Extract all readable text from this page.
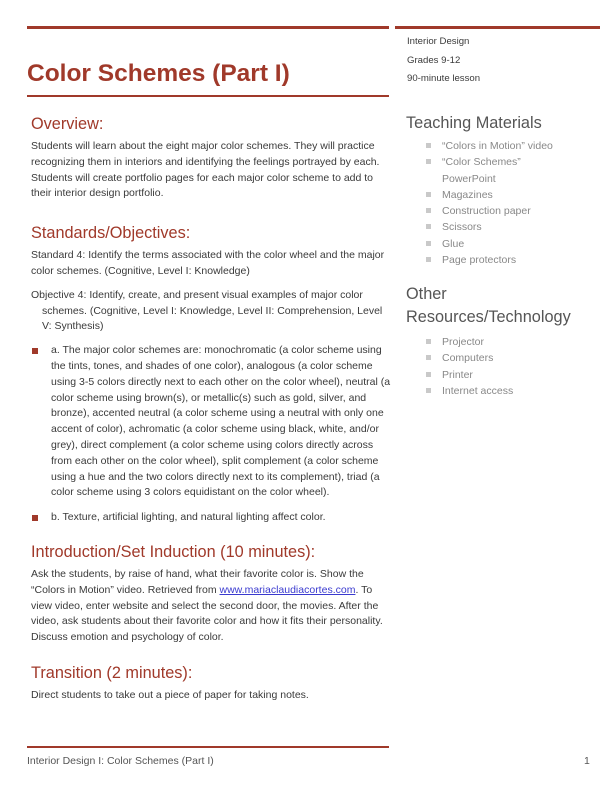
Color Schemes (Part I)
Interior Design
Grades 9-12
90-minute lesson
Overview:

Students will learn about the eight major color schemes. They will practice recognizing them in interiors and identifying the feelings portrayed by each. Students will create portfolio pages for each major color scheme to add to their interior design portfolio.

Standards/Objectives:

Standard 4: Identify the terms associated with the color wheel and the major color schemes. (Cognitive, Level I: Knowledge)

Objective 4: Identify, create, and present visual examples of major color schemes. (Cognitive, Level I: Knowledge, Level II: Comprehension, Level V: Synthesis)

a. The major color schemes are: monochromatic (a color scheme using the tints, tones, and shades of one color), analogous (a color scheme using 3-5 colors directly next to each other on the color wheel), neutral (a color scheme using brown(s), or metallic(s) such as gold, silver, and bronze), accented neutral (a color scheme using a neutral with only one accent of color), achromatic (a color scheme using black, white, and/or grey), direct complement (a color scheme using colors directly across from each other on the color wheel), split complement (a color scheme using a hue and the two colors directly next to its complement), triad (a color scheme using 3 colors equidistant on the color wheel).
b. Texture, artificial lighting, and natural lighting affect color.
Introduction/Set Induction (10 minutes):

Ask the students, by raise of hand, what their favorite color is. Show the “Colors in Motion” video. Retrieved from www.mariaclaudiacortes.com. To view video, enter website and select the second door, the movies. After the video, ask students about their favorite color and how it fits their personality. Discuss emotion and psychology of color.

Transition (2 minutes):

Direct students to take out a piece of paper for taking notes.

Teaching Materials
“Colors in Motion” video
“Color Schemes” PowerPoint
Magazines
Construction paper
Scissors
Glue
Page protectors
Other Resources/Technology
Projector
Computers
Printer
Internet access
Interior Design I: Color Schemes (Part I)	1
